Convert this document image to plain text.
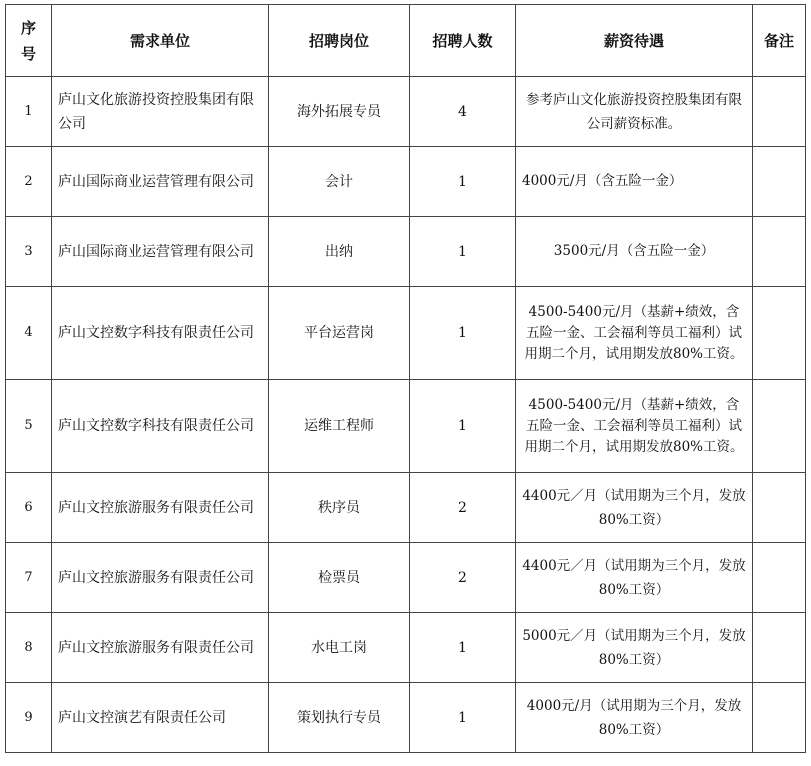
序
号	需求单位	招聘岗位	招聘人数	薪资待遇	备注
1	庐山文化旅游投资控股集团有限公司	海外拓展专员	4	参考庐山文化旅游投资控股集团有限公司薪资标准。	
2	庐山国际商业运营管理有限公司	会计	1	4000元/月（含五险一金）	
3	庐山国际商业运营管理有限公司	出纳	1	3500元/月（含五险一金）	
4	庐山文控数字科技有限责任公司	平台运营岗	1	4500-5400元/月（基薪+绩效，含五险一金、工会福利等员工福利）试用期二个月，试用期发放80%工资。	
5	庐山文控数字科技有限责任公司	运维工程师	1	4500-5400元/月（基薪+绩效，含五险一金、工会福利等员工福利）试用期二个月，试用期发放80%工资。	
6	庐山文控旅游服务有限责任公司	秩序员	2	4400元／月（试用期为三个月，发放80%工资）	
7	庐山文控旅游服务有限责任公司	检票员	2	4400元／月（试用期为三个月，发放80%工资）	
8	庐山文控旅游服务有限责任公司	水电工岗	1	5000元／月（试用期为三个月，发放80%工资）	
9	庐山文控演艺有限责任公司	策划执行专员	1	4000元/月（试用期为三个月，发放80%工资）	
